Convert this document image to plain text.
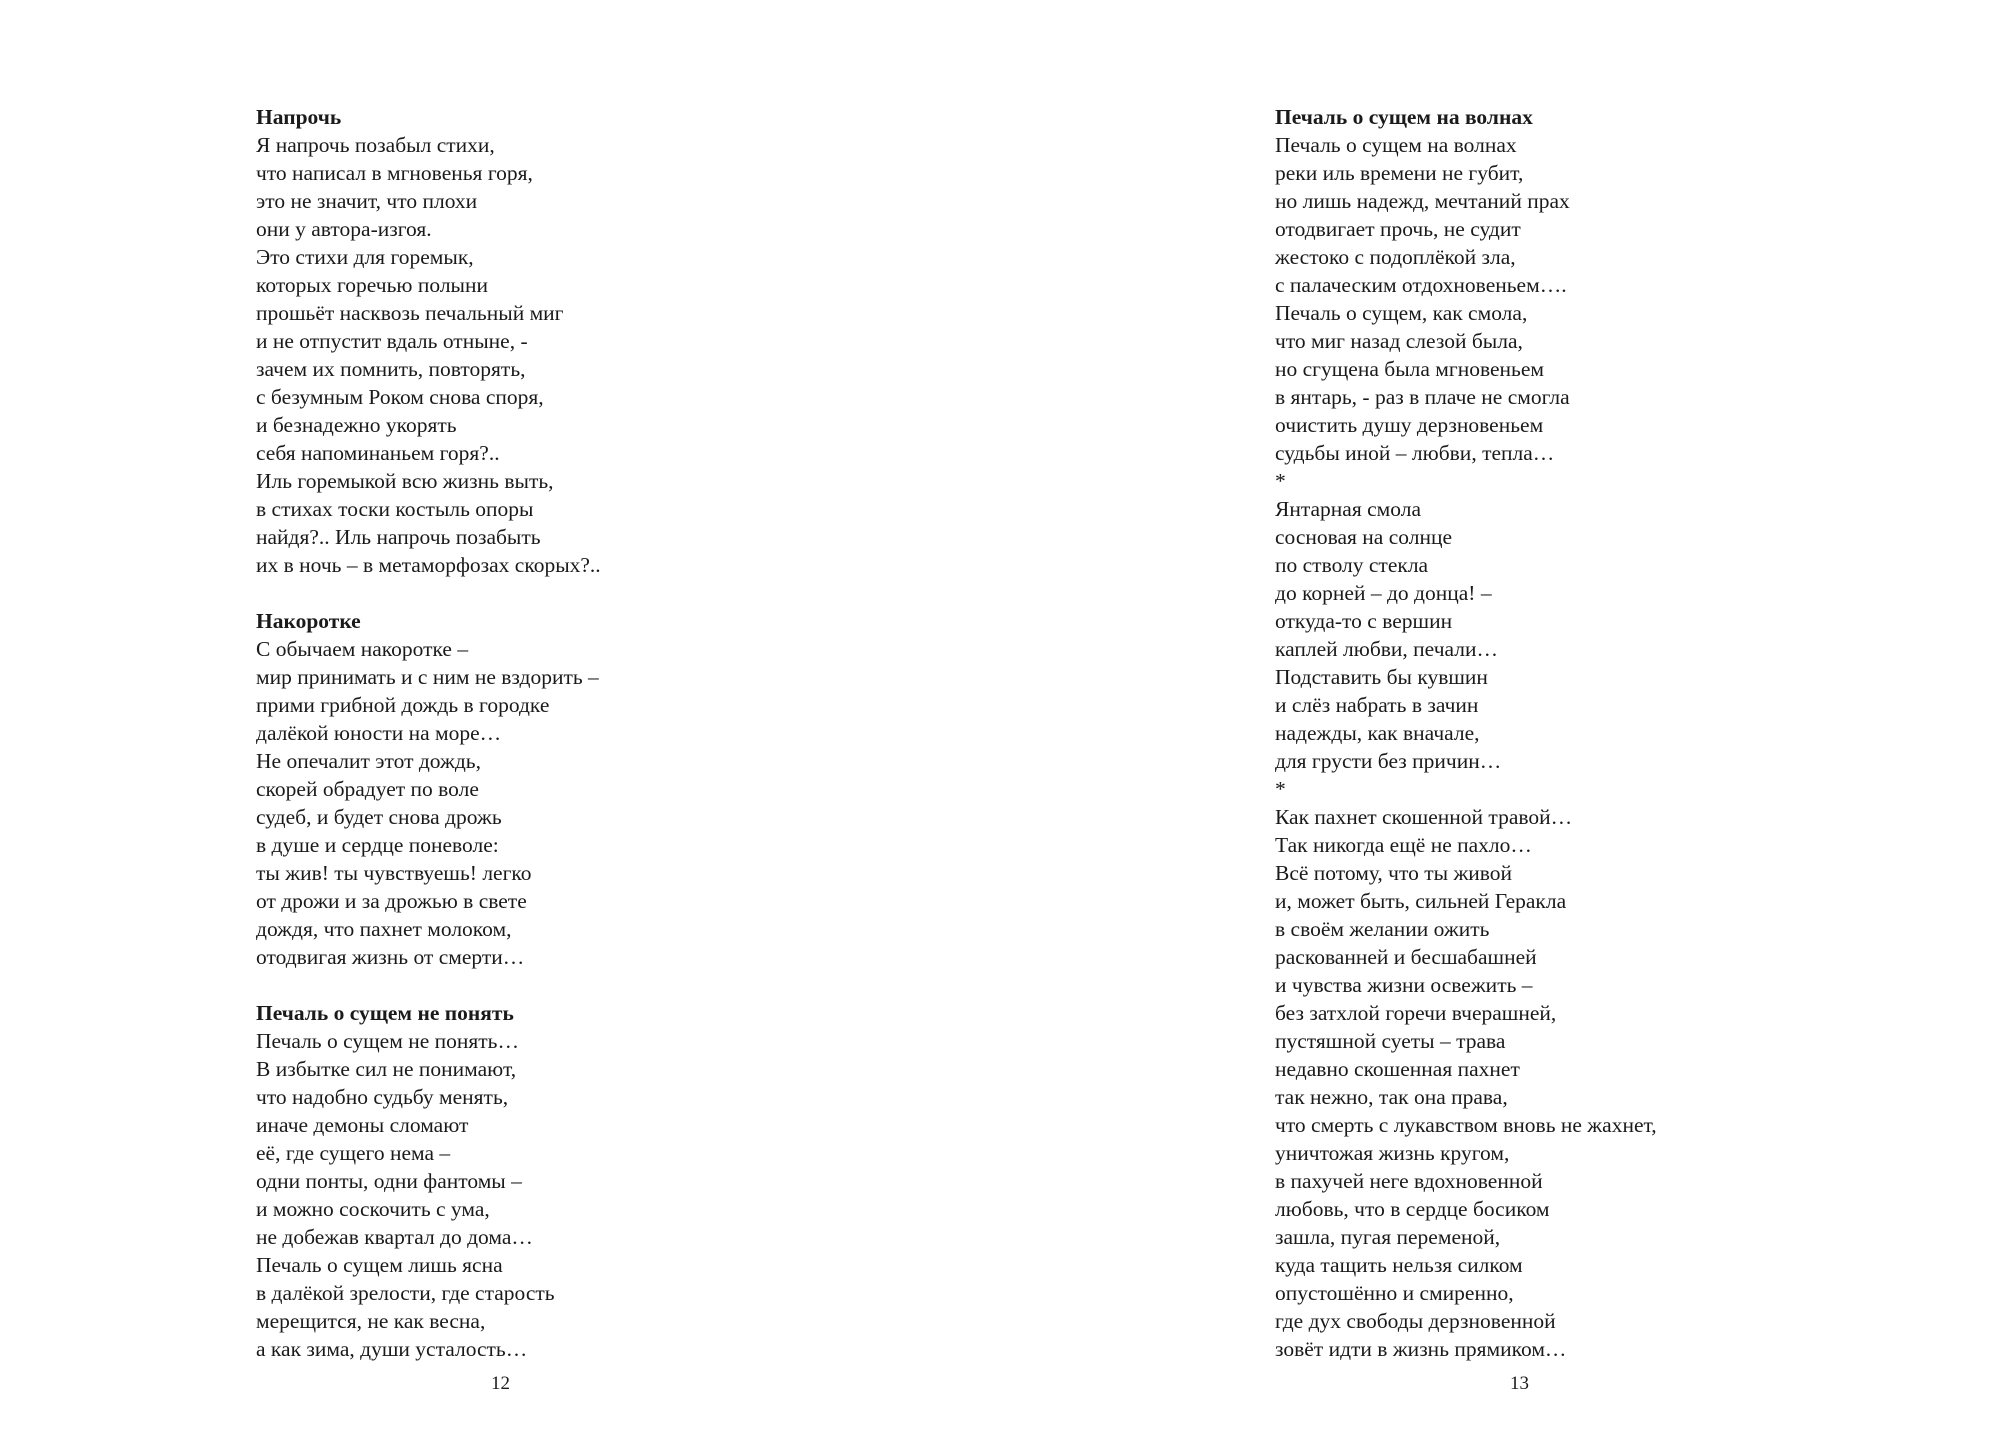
Напрочь
Я напрочь позабыл стихи,
что написал в мгновенья горя,
это не значит, что плохи
они у автора-изгоя.
Это стихи для горемык,
которых горечью полыни
прошьёт насквозь печальный миг
и не отпустит вдаль отныне, -
зачем их помнить, повторять,
с безумным Роком снова споря,
и безнадежно укорять
себя напоминаньем горя?..
Иль горемыкой всю жизнь выть,
в стихах тоски костыль опоры
найдя?.. Иль напрочь позабыть
их в ночь – в метаморфозах скорых?..
Накоротке
С обычаем накоротке –
мир принимать и с ним не вздорить –
прими грибной дождь в городке
далёкой юности на море…
Не опечалит этот дождь,
скорей обрадует по воле
судеб, и будет снова дрожь
в душе и сердце поневоле:
ты жив! ты чувствуешь! легко
от дрожи и за дрожью в свете
дождя, что пахнет молоком,
отодвигая жизнь от смерти…
Печаль о сущем не понять
Печаль о сущем не понять…
В избытке сил не понимают,
что надобно судьбу менять,
иначе демоны сломают
её, где сущего нема –
одни понты, одни фантомы –
и можно соскочить с ума,
не добежав квартал до дома…
Печаль о сущем лишь ясна
в далёкой зрелости, где старость
мерещится, не как весна,
а как зима, души усталость…
Печаль о сущем на волнах
Печаль о сущем на волнах
реки иль времени не губит,
но лишь надежд, мечтаний прах
отодвигает прочь, не судит
жестоко с подоплёкой зла,
с палаческим отдохновеньем….
Печаль о сущем, как смола,
что миг назад слезой была,
но сгущена была мгновеньем
в янтарь, - раз в плаче не смогла
очистить душу дерзновеньем
судьбы иной – любви, тепла…
*
Янтарная смола
сосновая на солнце
по стволу стекла
до корней – до донца! –
откуда-то с вершин
каплей любви, печали…
Подставить бы кувшин
и слёз набрать в зачин
надежды, как вначале,
для грусти без причин…
*
Как пахнет скошенной травой…
Так никогда ещё не пахло…
Всё потому, что ты живой
и, может быть, сильней Геракла
в своём желании ожить
раскованней и бесшабашней
и чувства жизни освежить –
без затхлой горечи вчерашней,
пустяшной суеты – трава
недавно скошенная пахнет
так нежно, так она права,
что смерть с лукавством вновь не жахнет,
уничтожая жизнь кругом,
в пахучей неге вдохновенной
любовь, что в сердце босиком
зашла, пугая переменой,
куда тащить нельзя силком
опустошённо и смиренно,
где дух свободы дерзновенной
зовёт идти в жизнь прямиком…
12	13
